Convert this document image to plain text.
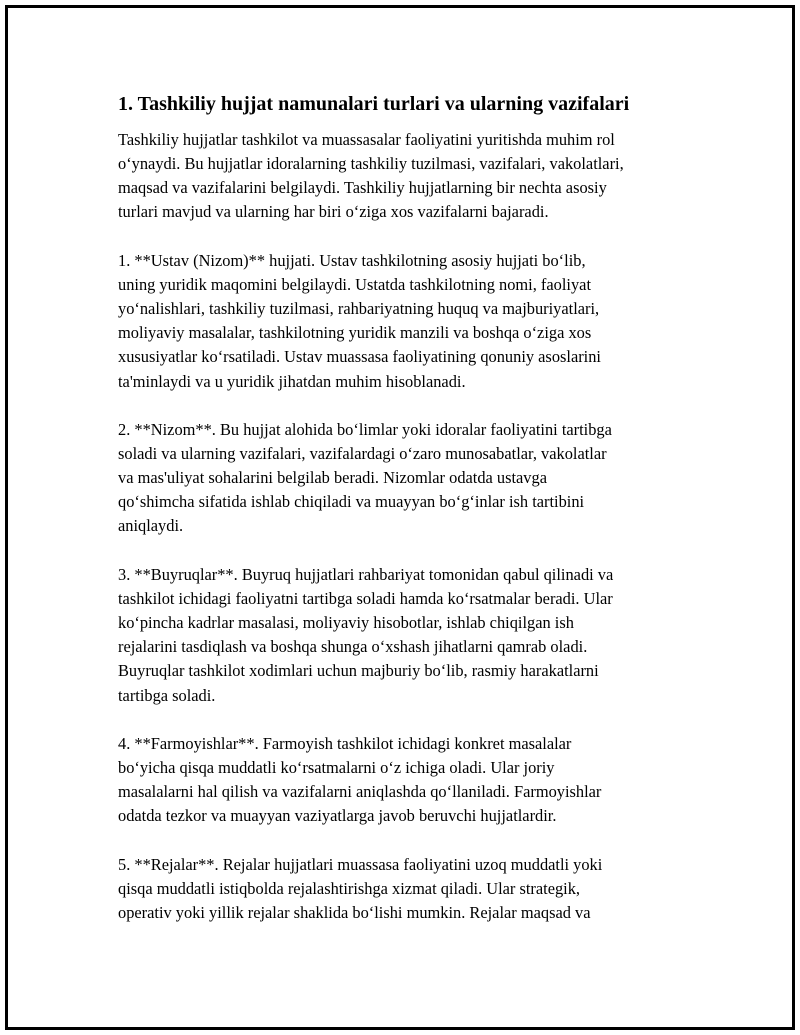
1. Tashkiliy hujjat namunalari turlari va ularning vazifalari
Tashkiliy hujjatlar tashkilot va muassasalar faoliyatini yuritishda muhim rol
o‘ynaydi. Bu hujjatlar idoralarning tashkiliy tuzilmasi, vazifalari, vakolatlari,
maqsad va vazifalarini belgilaydi. Tashkiliy hujjatlarning bir nechta asosiy
turlari mavjud va ularning har biri o‘ziga xos vazifalarni bajaradi.
1. **Ustav (Nizom)** hujjati. Ustav tashkilotning asosiy hujjati bo‘lib,
uning yuridik maqomini belgilaydi. Ustatda tashkilotning nomi, faoliyat
yo‘nalishlari, tashkiliy tuzilmasi, rahbariyatning huquq va majburiyatlari,
moliyaviy masalalar, tashkilotning yuridik manzili va boshqa o‘ziga xos
xususiyatlar ko‘rsatiladi. Ustav muassasa faoliyatining qonuniy asoslarini
ta'minlaydi va u yuridik jihatdan muhim hisoblanadi.
2. **Nizom**. Bu hujjat alohida bo‘limlar yoki idoralar faoliyatini tartibga
soladi va ularning vazifalari, vazifalardagi o‘zaro munosabatlar, vakolatlar
va mas'uliyat sohalarini belgilab beradi. Nizomlar odatda ustavga
qo‘shimcha sifatida ishlab chiqiladi va muayyan bo‘g‘inlar ish tartibini
aniqlaydi.
3. **Buyruqlar**. Buyruq hujjatlari rahbariyat tomonidan qabul qilinadi va
tashkilot ichidagi faoliyatni tartibga soladi hamda ko‘rsatmalar beradi. Ular
ko‘pincha kadrlar masalasi, moliyaviy hisobotlar, ishlab chiqilgan ish
rejalarini tasdiqlash va boshqa shunga o‘xshash jihatlarni qamrab oladi.
Buyruqlar tashkilot xodimlari uchun majburiy bo‘lib, rasmiy harakatlarni
tartibga soladi.
4. **Farmoyishlar**. Farmoyish tashkilot ichidagi konkret masalalar
bo‘yicha qisqa muddatli ko‘rsatmalarni o‘z ichiga oladi. Ular joriy
masalalarni hal qilish va vazifalarni aniqlashda qo‘llaniladi. Farmoyishlar
odatda tezkor va muayyan vaziyatlarga javob beruvchi hujjatlardir.
5. **Rejalar**. Rejalar hujjatlari muassasa faoliyatini uzoq muddatli yoki
qisqa muddatli istiqbolda rejalashtirishga xizmat qiladi. Ular strategik,
operativ yoki yillik rejalar shaklida bo‘lishi mumkin. Rejalar maqsad va
